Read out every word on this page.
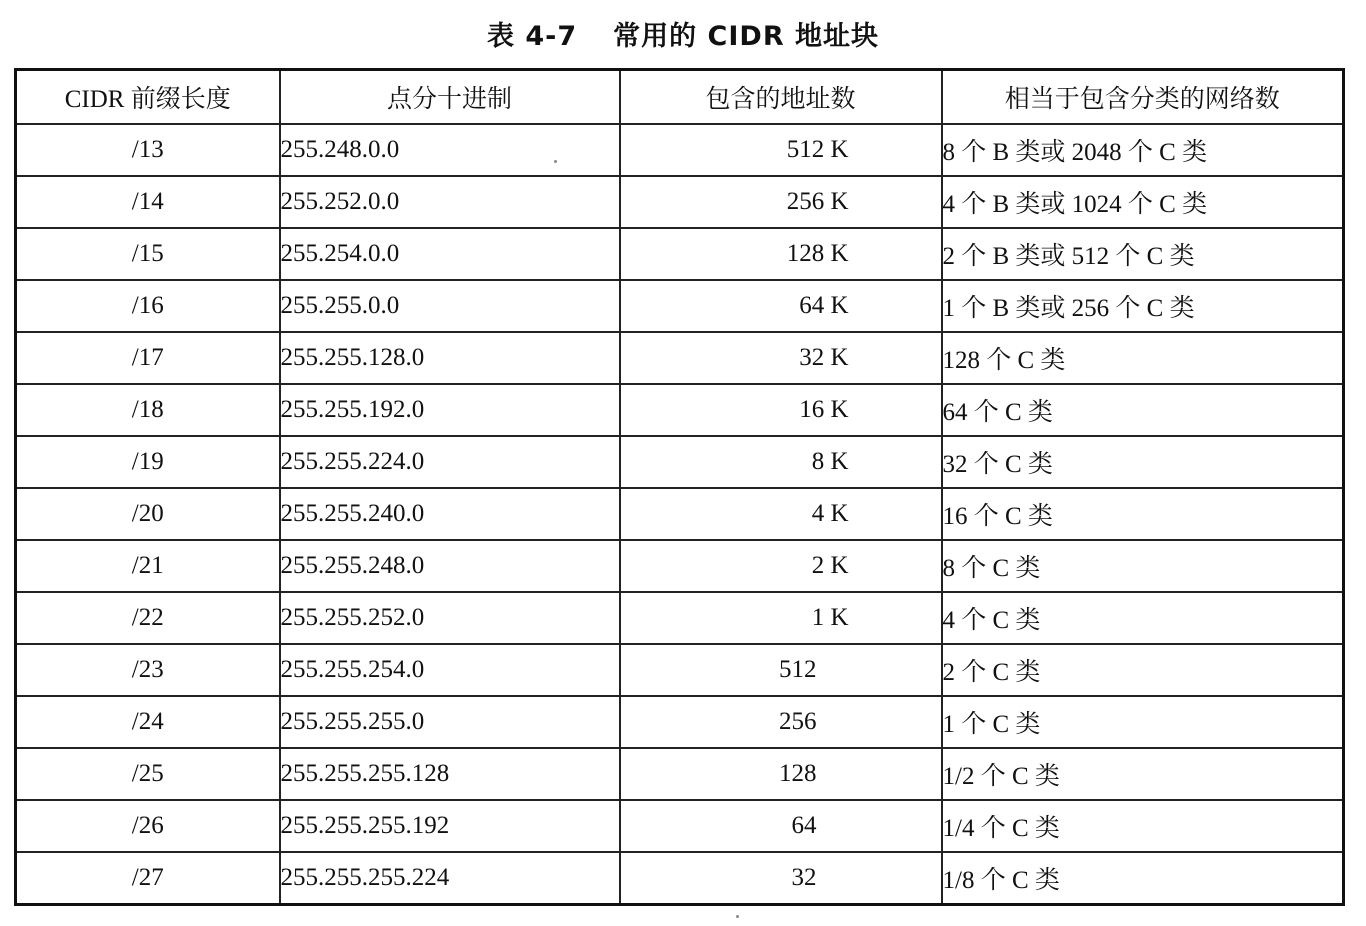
表 4-7 常用的 CIDR 地址块
CIDR 前缀长度	点分十进制	包含的地址数	相当于包含分类的网络数
/13	255.248.0.0	512 K	8 个 B 类或 2048 个 C 类
/14	255.252.0.0	256 K	4 个 B 类或 1024 个 C 类
/15	255.254.0.0	128 K	2 个 B 类或 512 个 C 类
/16	255.255.0.0	64 K	1 个 B 类或 256 个 C 类
/17	255.255.128.0	32 K	128 个 C 类
/18	255.255.192.0	16 K	64 个 C 类
/19	255.255.224.0	8 K	32 个 C 类
/20	255.255.240.0	4 K	16 个 C 类
/21	255.255.248.0	2 K	8 个 C 类
/22	255.255.252.0	1 K	4 个 C 类
/23	255.255.254.0	512	2 个 C 类
/24	255.255.255.0	256	1 个 C 类
/25	255.255.255.128	128	1/2 个 C 类
/26	255.255.255.192	64	1/4 个 C 类
/27	255.255.255.224	32	1/8 个 C 类
